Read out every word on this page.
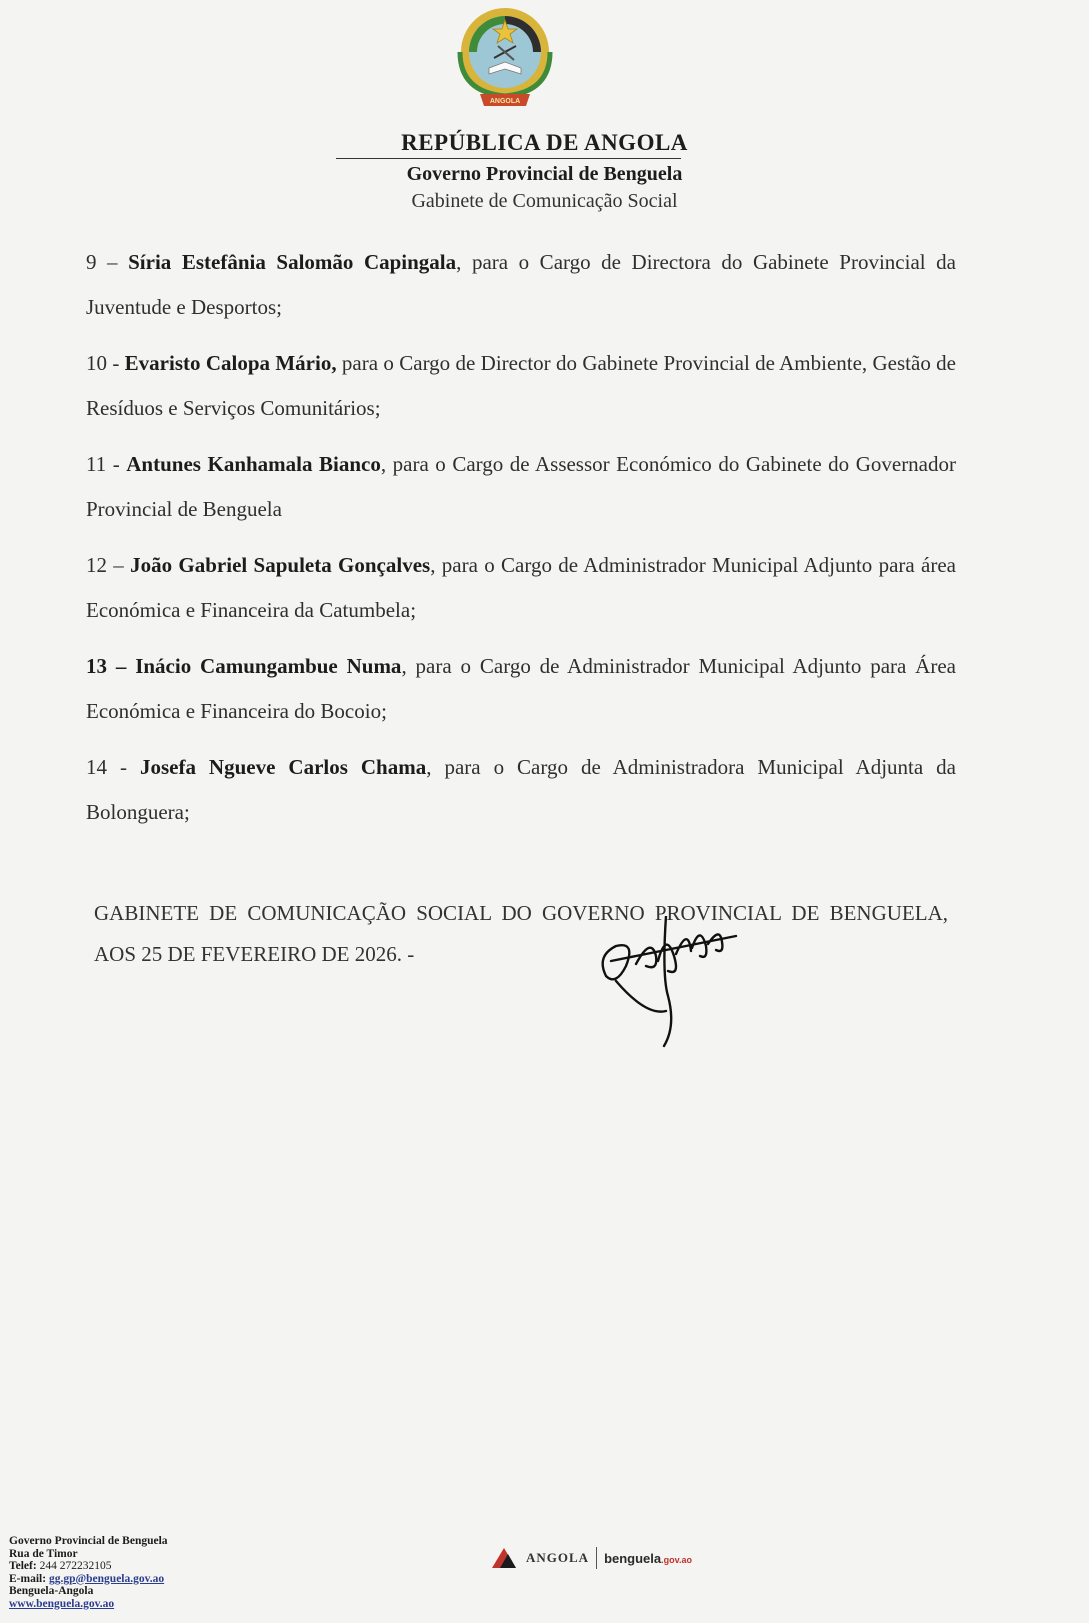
ANGOLA
REPÚBLICA DE ANGOLA
Governo Provincial de Benguela
Gabinete de Comunicação Social
9 – Síria Estefânia Salomão Capingala, para o Cargo de Directora do Gabinete Provincial da Juventude e Desportos;
10 - Evaristo Calopa Mário, para o Cargo de Director do Gabinete Provincial de Ambiente, Gestão de Resíduos e Serviços Comunitários;
11 - Antunes Kanhamala Bianco, para o Cargo de Assessor Económico do Gabinete do Governador Provincial de Benguela
12 – João Gabriel Sapuleta Gonçalves, para o Cargo de Administrador Municipal Adjunto para área Económica e Financeira da Catumbela;
13 – Inácio Camungambue Numa, para o Cargo de Administrador Municipal Adjunto para Área Económica e Financeira do Bocoio;
14 - Josefa Ngueve Carlos Chama, para o Cargo de Administradora Municipal Adjunta da Bolonguera;
GABINETE DE COMUNICAÇÃO SOCIAL DO GOVERNO PROVINCIAL DE BENGUELA, AOS 25 DE FEVEREIRO DE 2026. -
Governo Provincial de Benguela
Rua de Timor
Telef: 244 272232105
E-mail: gg.gp@benguela.gov.ao
Benguela-Angola
www.benguela.gov.ao
ANGOLA benguela.gov.ao
